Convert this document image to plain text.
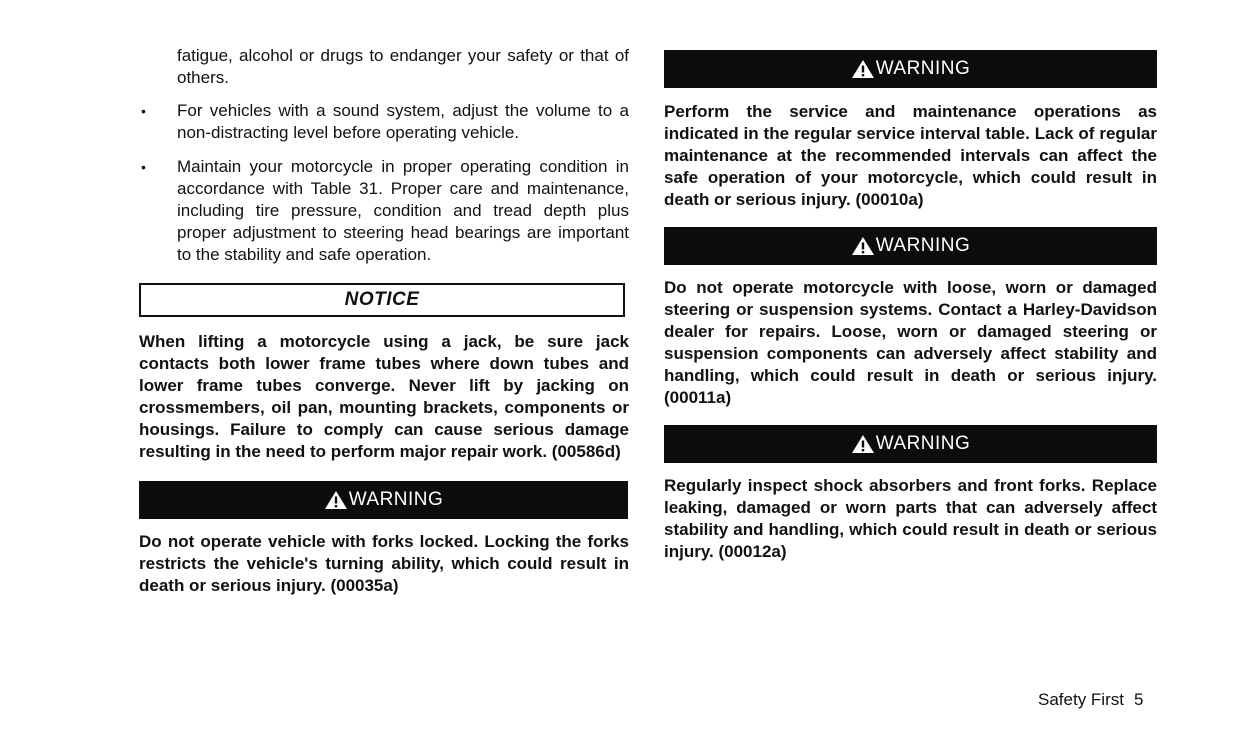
fatigue, alcohol or drugs to endanger your safety or that of others.

• For vehicles with a sound system, adjust the volume to a non-distracting level before operating vehicle.

• Maintain your motorcycle in proper operating condition in accordance with Table 31. Proper care and maintenance, including tire pressure, condition and tread depth plus proper adjustment to steering head bearings are important to the stability and safe operation.

NOTICE

When lifting a motorcycle using a jack, be sure jack contacts both lower frame tubes where down tubes and lower frame tubes converge. Never lift by jacking on crossmembers, oil pan, mounting brackets, components or housings. Failure to comply can cause serious damage resulting in the need to perform major repair work. (00586d)

WARNING

Do not operate vehicle with forks locked. Locking the forks restricts the vehicle's turning ability, which could result in death or serious injury. (00035a)

WARNING

Perform the service and maintenance operations as indicated in the regular service interval table. Lack of regular maintenance at the recommended intervals can affect the safe operation of your motorcycle, which could result in death or serious injury. (00010a)

WARNING

Do not operate motorcycle with loose, worn or damaged steering or suspension systems. Contact a Harley-Davidson dealer for repairs. Loose, worn or damaged steering or suspension components can adversely affect stability and handling, which could result in death or serious injury. (00011a)

WARNING

Regularly inspect shock absorbers and front forks. Replace leaking, damaged or worn parts that can adversely affect stability and handling, which could result in death or serious injury. (00012a)

Safety First 5
